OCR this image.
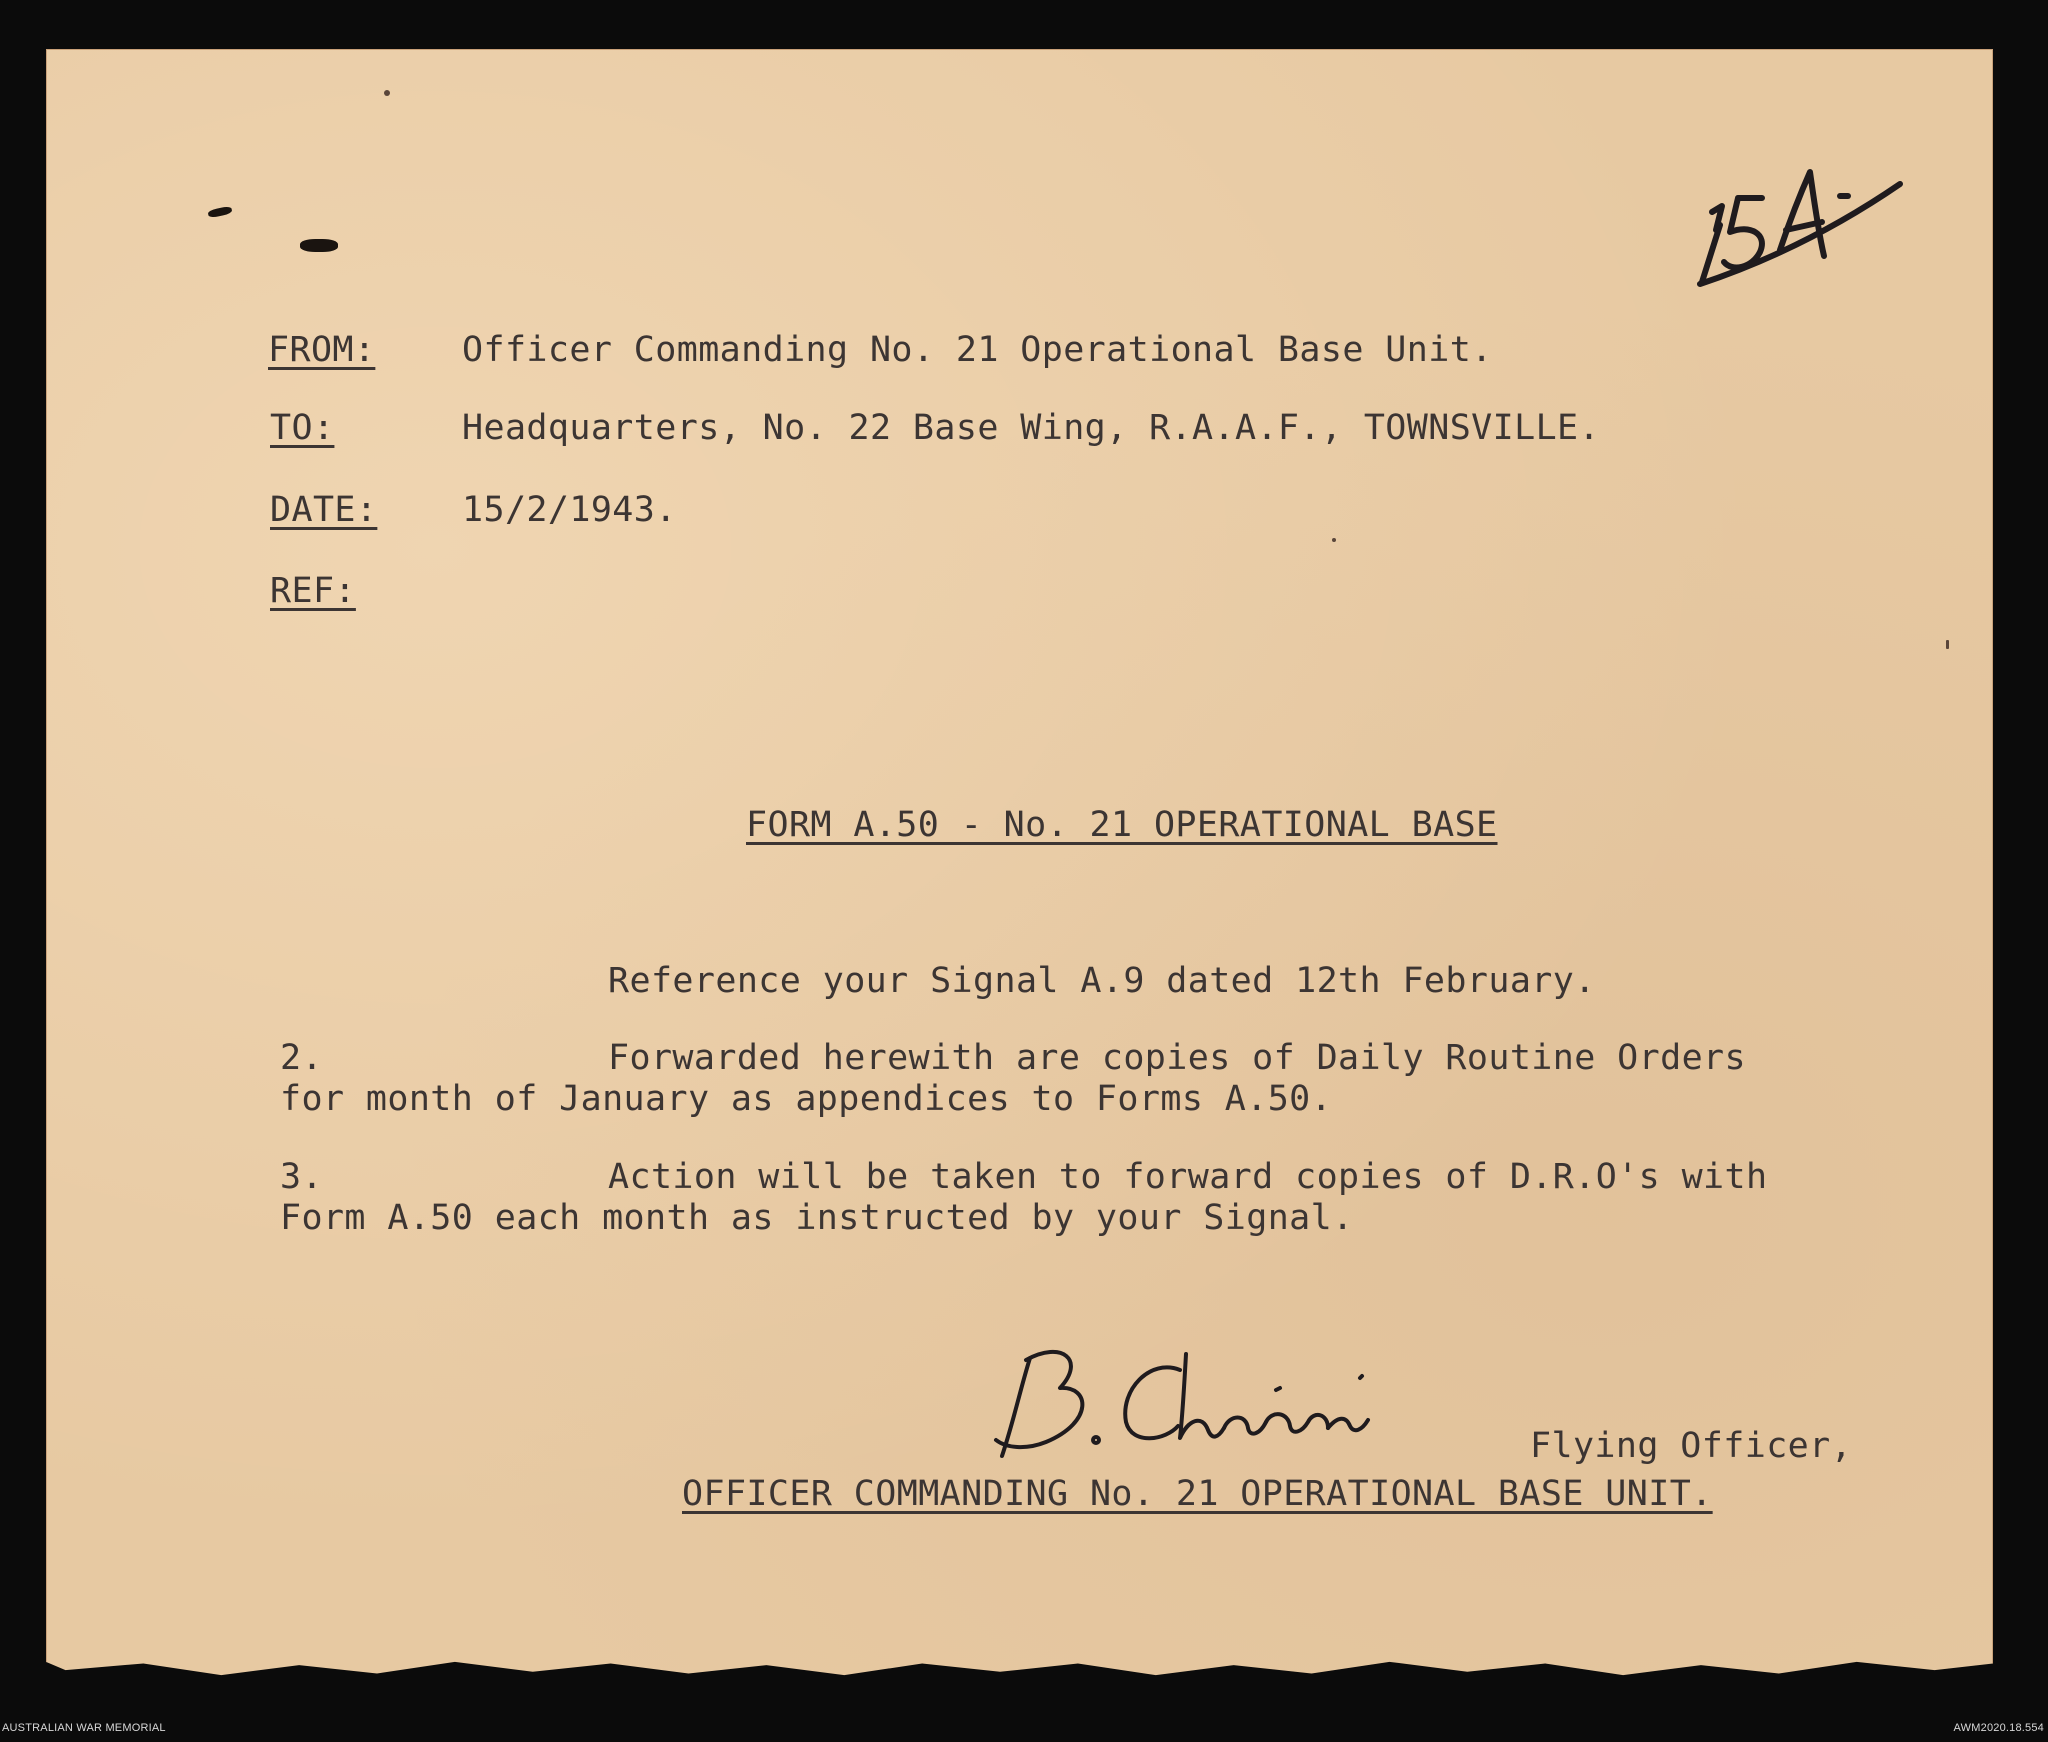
FROM: Officer Commanding No. 21 Operational Base Unit.
TO:	Headquarters, No. 22 Base Wing, R.A.A.F., TOWNSVILLE.
DATE: 15/2/1943.
REF:
FORM A.50 - No. 21 OPERATIONAL BASE
Reference your Signal A.9 dated 12th February.
2.	Forwarded herewith are copies of Daily Routine Orders
for month of January as appendices to Forms A.50.
3.	Action will be taken to forward copies of D.R.O's with
Form A.50 each month as instructed by your Signal.
Flying Officer,
OFFICER COMMANDING No. 21 OPERATIONAL BASE UNIT.
AUSTRALIAN WAR MEMORIAL	AWM2020.18.554
